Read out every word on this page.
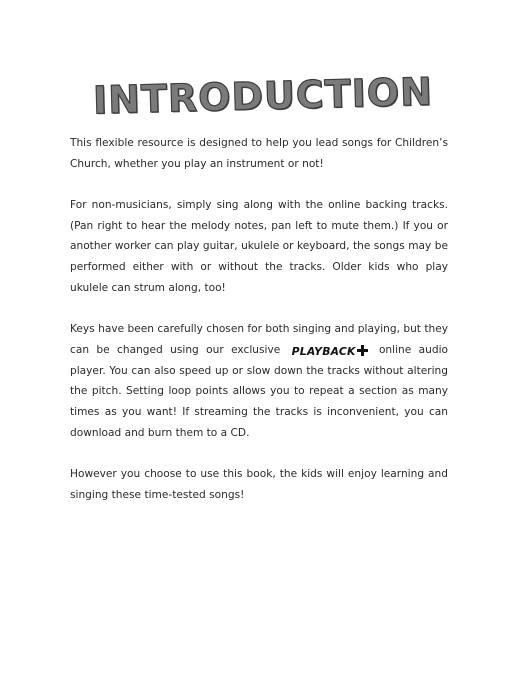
INTRODUCTION

This flexible resource is designed to help you lead songs for Children’s Church, whether you play an instrument or not!

For non-musicians, simply sing along with the online backing tracks. (Pan right to hear the melody notes, pan left to mute them.) If you or another worker can play guitar, ukulele or keyboard, the songs may be performed either with or without the tracks. Older kids who play ukulele can strum along, too!

Keys have been carefully chosen for both singing and playing, but they can be changed using our exclusive PLAYBACK online audio player. You can also speed up or slow down the tracks without altering the pitch. Setting loop points allows you to repeat a section as many times as you want! If streaming the tracks is inconvenient, you can download and burn them to a CD.

However you choose to use this book, the kids will enjoy learning and singing these time-tested songs!
